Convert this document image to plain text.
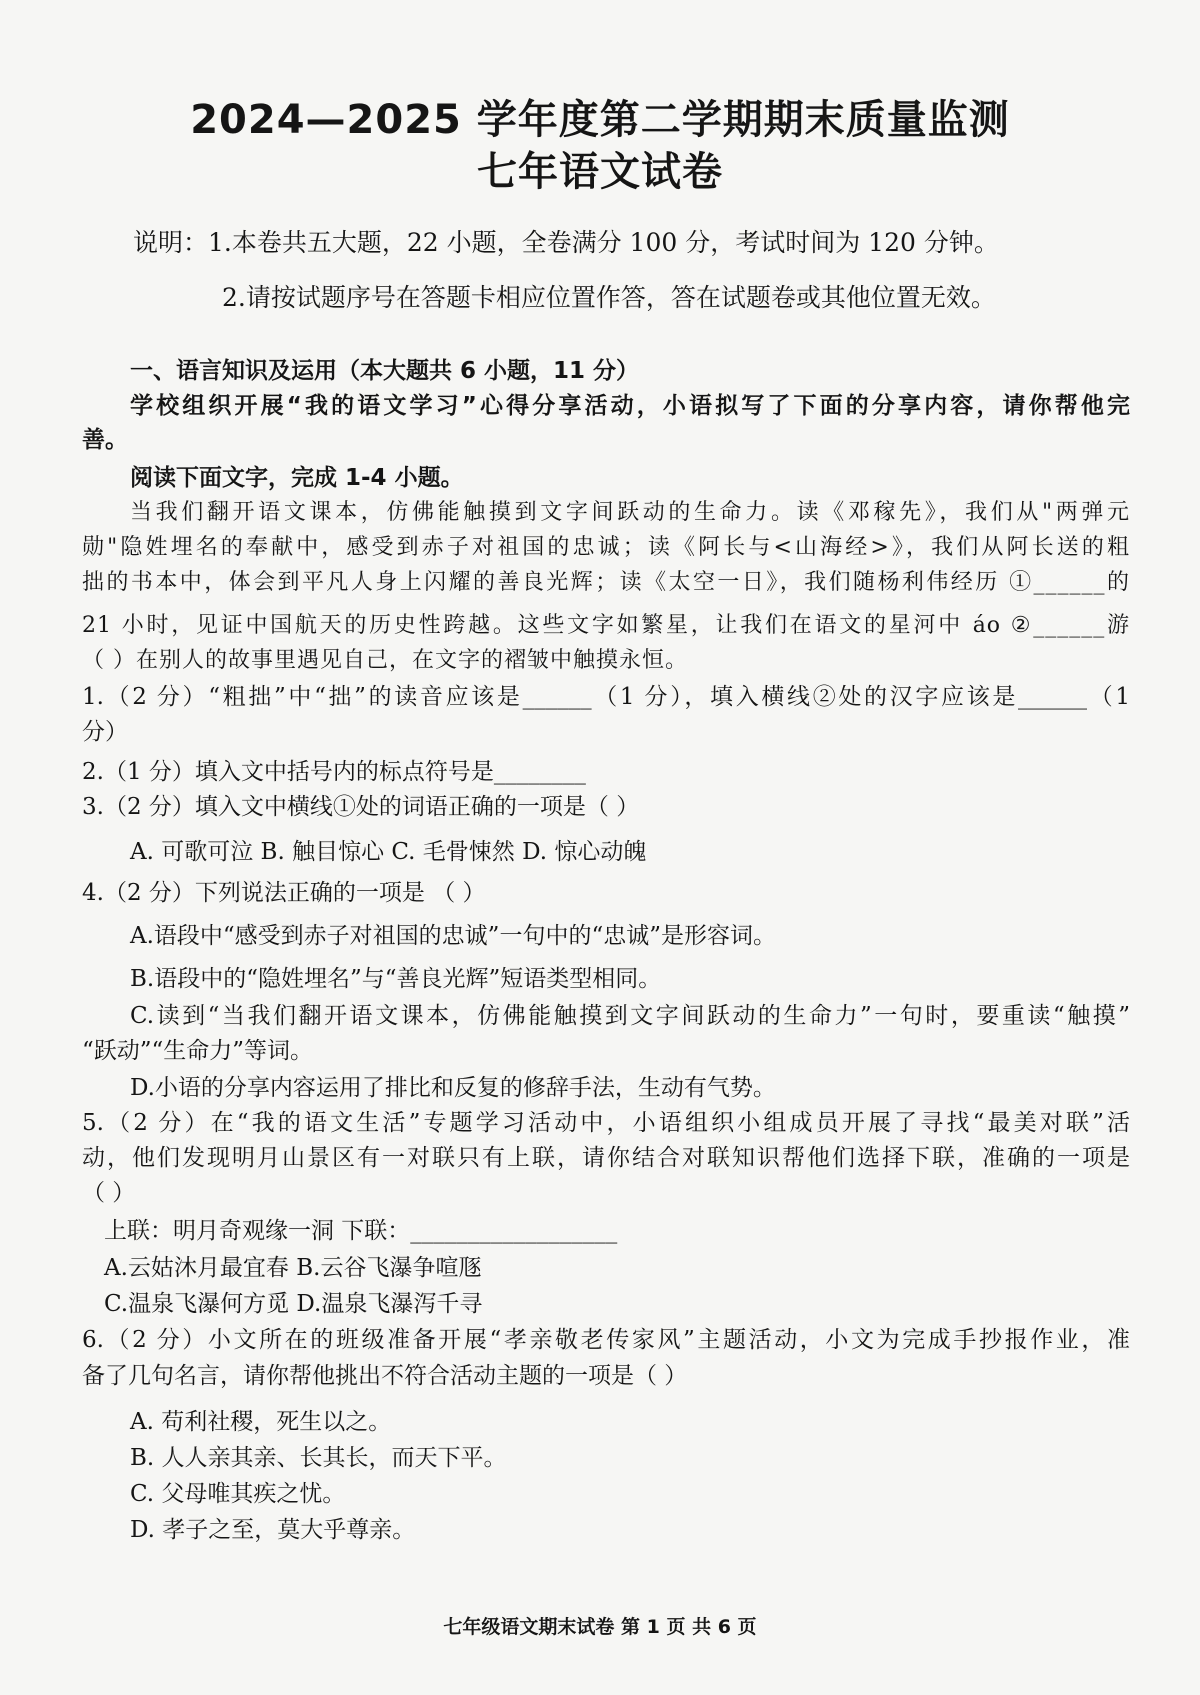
2024—2025 学年度第二学期期末质量监测
七年语文试卷

说明：1.本卷共五大题，22 小题，全卷满分 100 分，考试时间为 120 分钟。

2.请按试题序号在答题卡相应位置作答，答在试题卷或其他位置无效。

一、语言知识及运用（本大题共 6 小题，11 分）

学校组织开展“我的语文学习”心得分享活动，小语拟写了下面的分享内容，请你帮他完

善。

阅读下面文字，完成 1-4 小题。

当我们翻开语文课本，仿佛能触摸到文字间跃动的生命力。读《邓稼先》，我们从"两弹元

勋"隐姓埋名的奉献中，感受到赤子对祖国的忠诚；读《阿长与<山海经>》，我们从阿长送的粗

拙的书本中，体会到平凡人身上闪耀的善良光辉；读《太空一日》，我们随杨利伟经历 ①______的

21 小时，见证中国航天的历史性跨越。这些文字如繁星，让我们在语文的星河中 áo ②______游

（ ）在别人的故事里遇见自己，在文字的褶皱中触摸永恒。

1.（2 分）“粗拙”中“拙”的读音应该是______（1 分），填入横线②处的汉字应该是______（1

分）

2.（1 分）填入文中括号内的标点符号是________

3.（2 分）填入文中横线①处的词语正确的一项是（ ）

A. 可歌可泣 B. 触目惊心 C. 毛骨悚然 D. 惊心动魄

4.（2 分）下列说法正确的一项是 （ ）

A.语段中“感受到赤子对祖国的忠诚”一句中的“忠诚”是形容词。

B.语段中的“隐姓埋名”与“善良光辉”短语类型相同。

C.读到“当我们翻开语文课本，仿佛能触摸到文字间跃动的生命力”一句时，要重读“触摸”

“跃动”“生命力”等词。

D.小语的分享内容运用了排比和反复的修辞手法，生动有气势。

5.（2 分）在“我的语文生活”专题学习活动中，小语组织小组成员开展了寻找“最美对联”活

动，他们发现明月山景区有一对联只有上联，请你结合对联知识帮他们选择下联，准确的一项是

（ ）

上联：明月奇观缘一洞 下联：__________________

A.云姑沐月最宜春 B.云谷飞瀑争喧豗

C.温泉飞瀑何方觅 D.温泉飞瀑泻千寻

6.（2 分）小文所在的班级准备开展“孝亲敬老传家风”主题活动，小文为完成手抄报作业，准

备了几句名言，请你帮他挑出不符合活动主题的一项是（ ）

A. 苟利社稷，死生以之。

B. 人人亲其亲、长其长，而天下平。

C. 父母唯其疾之忧。

D. 孝子之至，莫大乎尊亲。

七年级语文期末试卷 第 1 页 共 6 页
